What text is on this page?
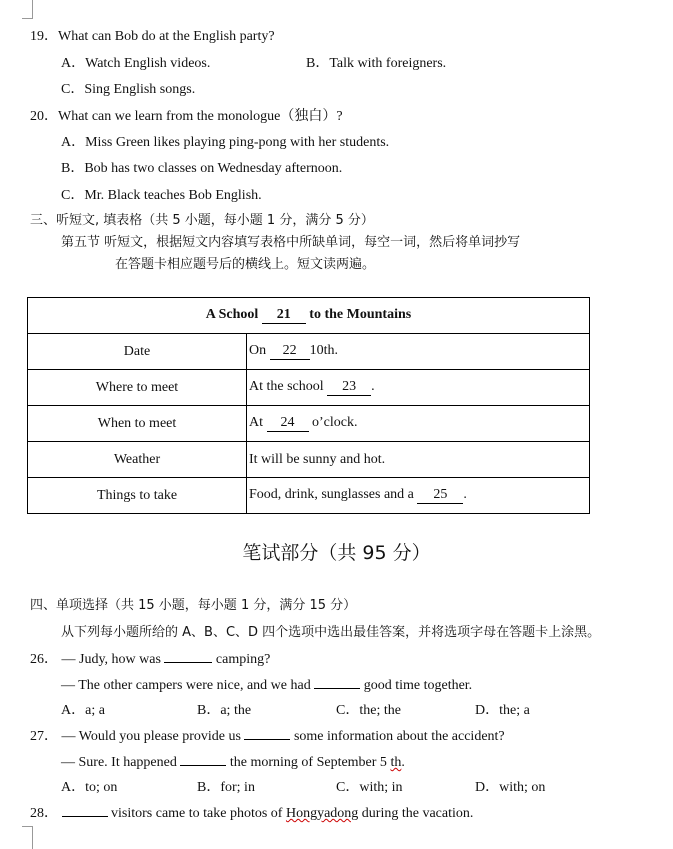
19．What can Bob do at the English party?
A．Watch English videos.	B．Talk with foreigners.
C．Sing English songs.
20．What can we learn from the monologue（独白）?
A．Miss Green likes playing ping-pong with her students.
B．Bob has two classes on Wednesday afternoon.
C．Mr. Black teaches Bob English.
三、听短文, 填表格（共 5 小题，每小题 1 分，满分 5 分）
第五节 听短文，根据短文内容填写表格中所缺单词，每空一词，然后将单词抄写
在答题卡相应题号后的横线上。短文读两遍。
A School 21 to the Mountains	
Date	On 22 10th.
Where to meet	At the school 23 .
When to meet	At 24 o’clock.
Weather	It will be sunny and hot.
Things to take	Food, drink, sunglasses and a 25 .
笔试部分（共 95 分）
四、单项选择（共 15 小题，每小题 1 分，满分 15 分）
从下列每小题所给的 A、B、C、D 四个选项中选出最佳答案，并将选项字母在答题卡上涂黑。
26． — Judy, how was	camping?
— The other campers were nice, and we had	good time together.
A．a; a	B．a; the	C．the; the	D．the; a
27． — Would you please provide us	some information about the accident?
— Sure. It happened	the morning of September 5 th.
A．to; on	B．for; in	C．with; in	D．with; on
28．	visitors came to take photos of Hongyadong during the vacation.
